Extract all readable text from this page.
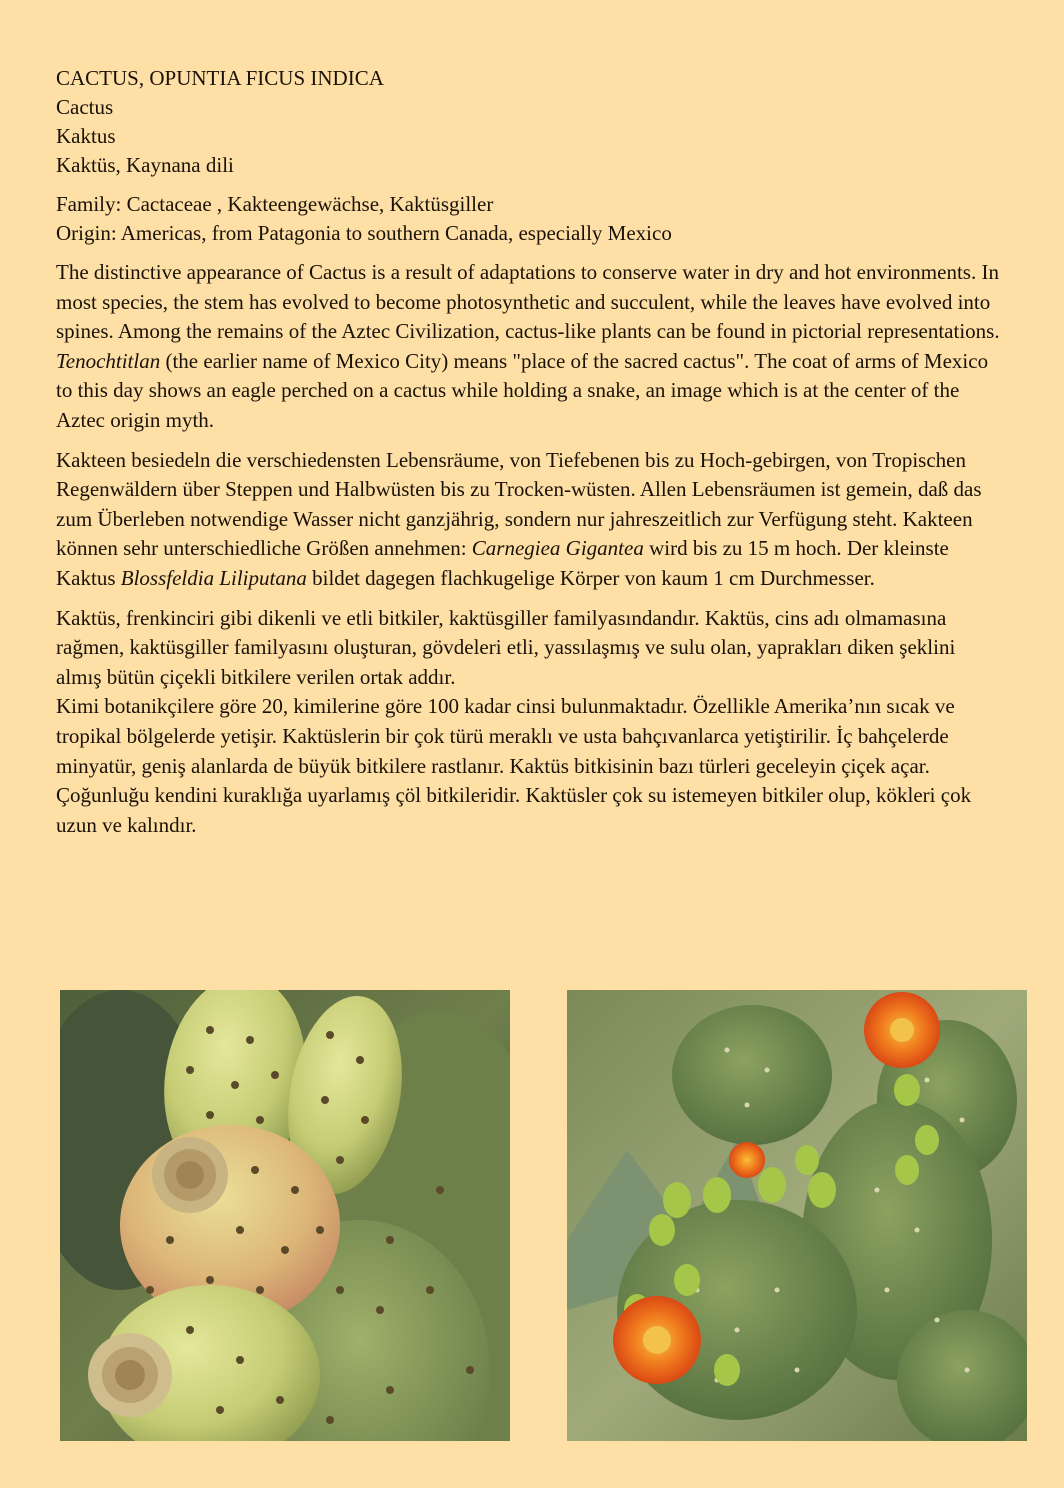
CACTUS, OPUNTIA FICUS INDICA
Cactus
Kaktus
Kaktüs, Kaynana dili
Family: Cactaceae , Kakteengewächse, Kaktüsgiller
Origin: Americas, from Patagonia to southern Canada, especially Mexico

The distinctive appearance of Cactus is a result of adaptations to conserve water in dry and hot environments. In most species, the stem has evolved to become photosynthetic and succulent, while the leaves have evolved into spines. Among the remains of the Aztec Civilization, cactus-like plants can be found in pictorial representations. Tenochtitlan (the earlier name of Mexico City) means "place of the sacred cactus". The coat of arms of Mexico to this day shows an eagle perched on a cactus while holding a snake, an image which is at the center of the Aztec origin myth.

Kakteen besiedeln die verschiedensten Lebensräume, von Tiefebenen bis zu Hoch-gebirgen, von Tropischen Regenwäldern über Steppen und Halbwüsten bis zu Trocken-wüsten. Allen Lebensräumen ist gemein, daß das zum Überleben notwendige Wasser nicht ganzjährig, sondern nur jahreszeitlich zur Verfügung steht. Kakteen können sehr unterschiedliche Größen annehmen: Carnegiea Gigantea wird bis zu 15 m hoch. Der kleinste Kaktus Blossfeldia Liliputana bildet dagegen flachkugelige Körper von kaum 1 cm Durchmesser.

Kaktüs, frenkinciri gibi dikenli ve etli bitkiler, kaktüsgiller familyasındandır. Kaktüs, cins adı olmamasına rağmen, kaktüsgiller familyasını oluşturan, gövdeleri etli, yassılaşmış ve sulu olan, yaprakları diken şeklini almış bütün çiçekli bitkilere verilen ortak addır.

Kimi botanikçilere göre 20, kimilerine göre 100 kadar cinsi bulunmaktadır. Özellikle Amerika’nın sıcak ve tropikal bölgelerde yetişir. Kaktüslerin bir çok türü meraklı ve usta bahçıvanlarca yetiştirilir. İç bahçelerde minyatür, geniş alanlarda de büyük bitkilere rastlanır. Kaktüs bitkisinin bazı türleri geceleyin çiçek açar. Çoğunluğu kendini kuraklığa uyarlamış çöl bitkileridir. Kaktüsler çok su istemeyen bitkiler olup, kökleri çok uzun ve kalındır.
